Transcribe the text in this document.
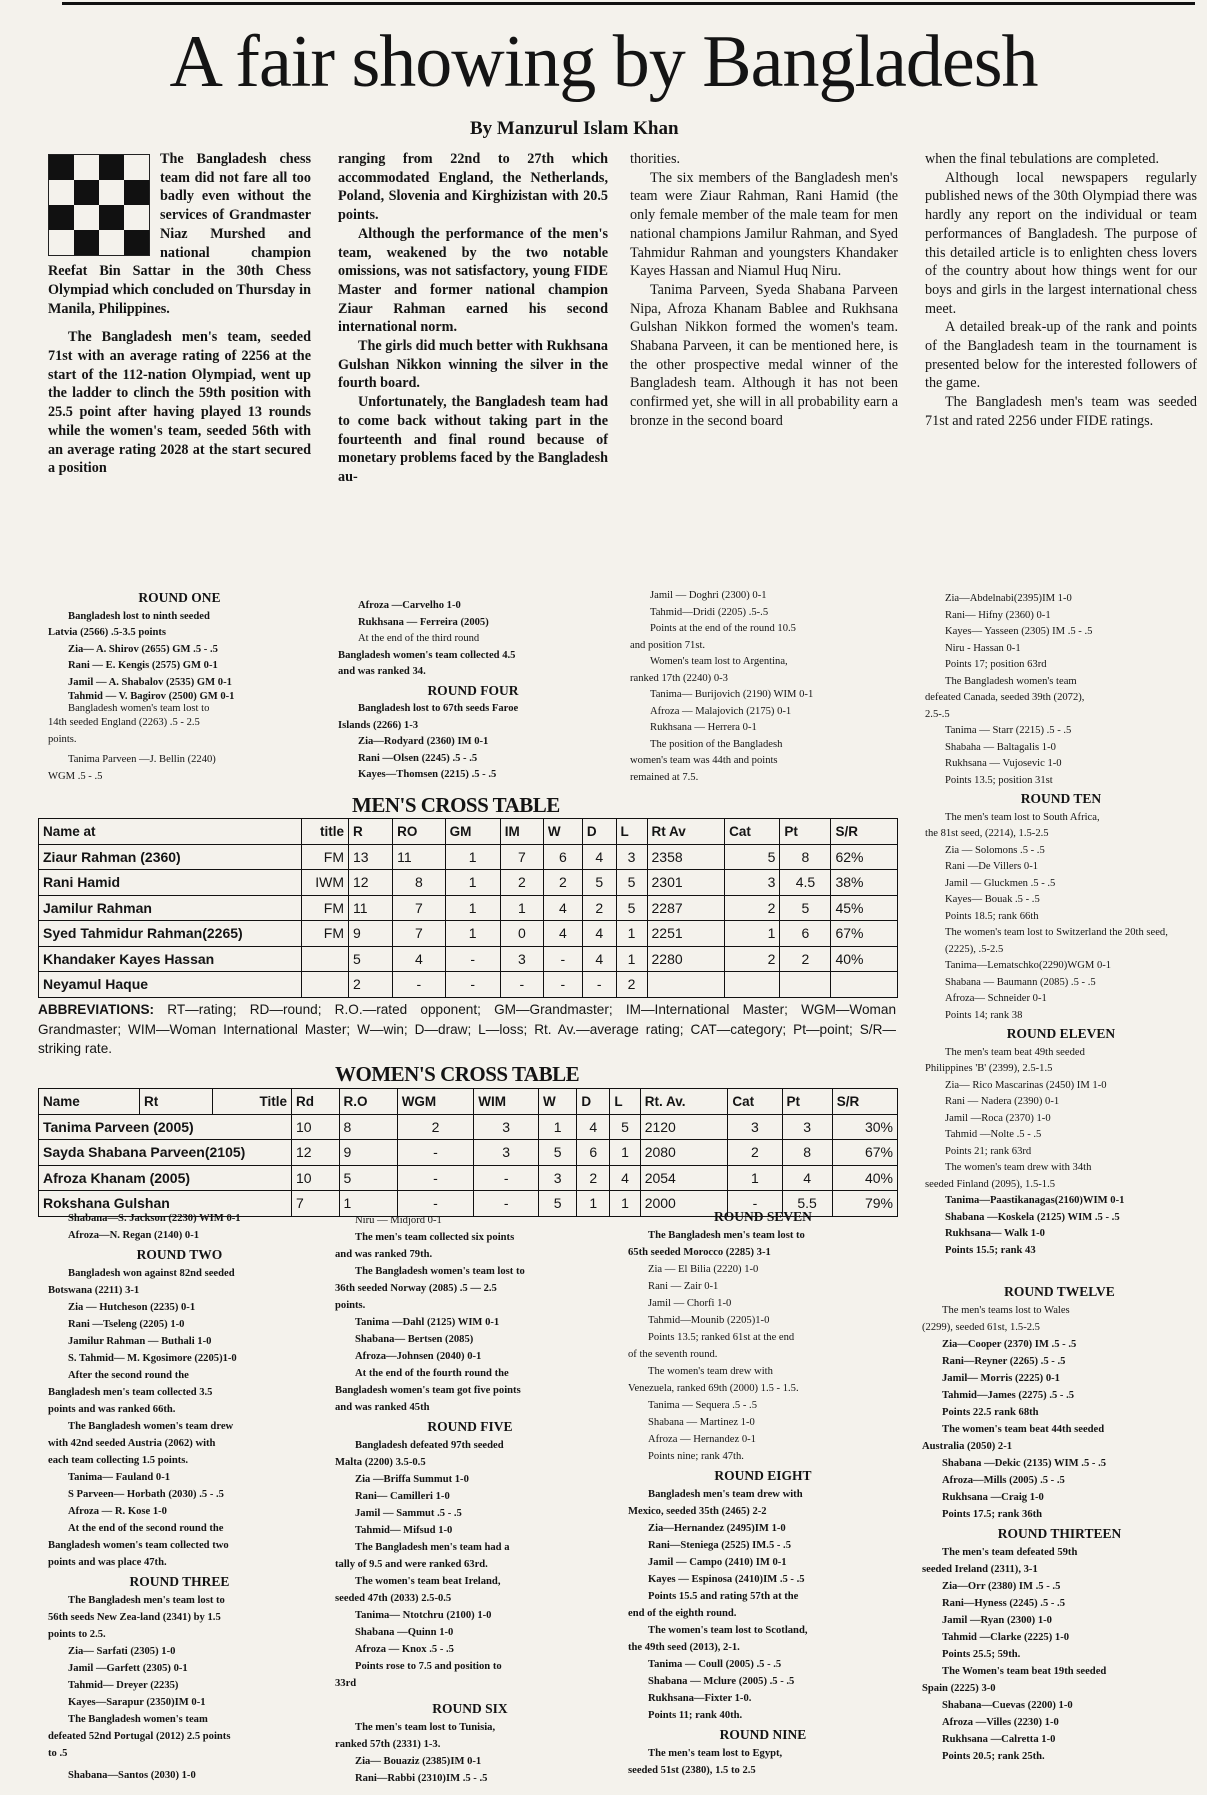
A fair showing by Bangladesh
By Manzurul Islam Khan

The Bangladesh chess team did not fare all too badly even without the services of Grandmaster Niaz Murshed and national champion Reefat Bin Sattar in the 30th Chess Olympiad which concluded on Thursday in Manila, Philippines.

The Bangladesh men's team, seeded 71st with an average rating of 2256 at the start of the 112-nation Olympiad, went up the ladder to clinch the 59th position with 25.5 point after having played 13 rounds while the women's team, seeded 56th with an average rating 2028 at the start secured a position

ROUND ONE
Bangladesh lost to ninth seeded
Latvia (2566) .5-3.5 points
Zia— A. Shirov (2655) GM .5 - .5
Rani — E. Kengis (2575) GM 0-1
Jamil — A. Shabalov (2535) GM 0-1
Tahmid — V. Bagirov (2500) GM 0-1
Bangladesh women's team lost to
14th seeded England (2263) .5 - 2.5
points.
Tanima Parveen —J. Bellin (2240)
WGM .5 - .5

ranging from 22nd to 27th which accommodated England, the Netherlands, Poland, Slovenia and Kirghizistan with 20.5 points.

Although the performance of the men's team, weakened by the two notable omissions, was not satisfactory, young FIDE Master and former national champion Ziaur Rahman earned his second international norm.

The girls did much better with Rukhsana Gulshan Nikkon winning the silver in the fourth board.

Unfortunately, the Bangladesh team had to come back without taking part in the fourteenth and final round because of monetary problems faced by the Bangladesh au-

Afroza —Carvelho 1-0
Rukhsana — Ferreira (2005)
At the end of the third round
Bangladesh women's team collected 4.5
and was ranked 34.
ROUND FOUR
Bangladesh lost to 67th seeds Faroe
Islands (2266) 1-3
Zia—Rodyard (2360) IM 0-1
Rani —Olsen (2245) .5 - .5
Kayes—Thomsen (2215) .5 - .5

thorities.

The six members of the Bangladesh men's team were Ziaur Rahman, Rani Hamid (the only female member of the male team for men national champions Jamilur Rahman, and Syed Tahmidur Rahman and youngsters Khandaker Kayes Hassan and Niamul Huq Niru.

Tanima Parveen, Syeda Shabana Parveen Nipa, Afroza Khanam Bablee and Rukhsana Gulshan Nikkon formed the women's team. Shabana Parveen, it can be mentioned here, is the other prospective medal winner of the Bangladesh team. Although it has not been confirmed yet, she will in all probability earn a bronze in the second board

Jamil — Doghri (2300) 0-1
Tahmid—Dridi (2205) .5-.5
Points at the end of the round 10.5
and position 71st.
Women's team lost to Argentina,
ranked 17th (2240) 0-3
Tanima— Burijovich (2190) WIM 0-1
Afroza — Malajovich (2175) 0-1
Rukhsana — Herrera 0-1
The position of the Bangladesh
women's team was 44th and points
remained at 7.5.

when the final tebulations are completed.

Although local newspapers regularly published news of the 30th Olympiad there was hardly any report on the individual or team performances of Bangladesh. The purpose of this detailed article is to enlighten chess lovers of the country about how things went for our boys and girls in the largest international chess meet.

A detailed break-up of the rank and points of the Bangladesh team in the tournament is presented below for the interested followers of the game.

The Bangladesh men's team was seeded 71st and rated 2256 under FIDE ratings.

Zia—Abdelnabi(2395)IM 1-0
Rani— Hifny (2360) 0-1
Kayes— Yasseen (2305) IM .5 - .5
Niru - Hassan 0-1
Points 17; position 63rd
The Bangladesh women's team
defeated Canada, seeded 39th (2072),
2.5-.5
Tanima — Starr (2215) .5 - .5
Shabaha — Baltagalis 1-0
Rukhsana — Vujosevic 1-0
Points 13.5; position 31st
ROUND TEN
The men's team lost to South Africa,
the 81st seed, (2214), 1.5-2.5
Zia — Solomons .5 - .5
Rani —De Villers 0-1
Jamil — Gluckmen .5 - .5
Kayes— Bouak .5 - .5
Points 18.5; rank 66th
The women's team lost to Switzerland the 20th seed, (2225), .5-2.5
Tanima—Lematschko(2290)WGM 0-1
Shabana — Baumann (2085) .5 - .5
Afroza— Schneider 0-1
Points 14; rank 38
ROUND ELEVEN
The men's team beat 49th seeded
Philippines 'B' (2399), 2.5-1.5
Zia— Rico Mascarinas (2450) IM 1-0
Rani — Nadera (2390) 0-1
Jamil —Roca (2370) 1-0
Tahmid —Nolte .5 - .5
Points 21; rank 63rd
The women's team drew with 34th
seeded Finland (2095), 1.5-1.5
Tanima—Paastikanagas(2160)WIM 0-1
Shabana —Koskela (2125) WIM .5 - .5
Rukhsana— Walk 1-0
Points 15.5; rank 43
MEN'S CROSS TABLE
Name at	title	R	RO	GM	IM	W	D	L	Rt Av	Cat	Pt	S/R
Ziaur Rahman (2360)	FM	13	11	1	7	6	4	3	2358	5	8	62%
Rani Hamid	IWM	12	8	1	2	2	5	5	2301	3	4.5	38%
Jamilur Rahman	FM	11	7	1	1	4	2	5	2287	2	5	45%
Syed Tahmidur Rahman(2265)	FM	9	7	1	0	4	4	1	2251	1	6	67%
Khandaker Kayes Hassan		5	4	-	3	-	4	1	2280	2	2	40%
Neyamul Haque		2	-	-	-	-	-	2				
ABBREVIATIONS: RT—rating; RD—round; R.O.—rated opponent; GM—Grandmaster; IM—International Master; WGM—Woman Grandmaster; WIM—Woman International Master; W—win; D—draw; L—loss; Rt. Av.—average rating; CAT—category; Pt—point; S/R—striking rate.
WOMEN'S CROSS TABLE
Name	Rt	Title	Rd	R.O	WGM	WIM	W	D	L	Rt. Av.	Cat	Pt	S/R
Tanima Parveen (2005)			10	8	2	3	1	4	5	2120	3	3	30%
Sayda Shabana Parveen(2105)			12	9	-	3	5	6	1	2080	2	8	67%
Afroza Khanam (2005)			10	5	-	-	3	2	4	2054	1	4	40%
Rokshana Gulshan			7	1	-	-	5	1	1	2000	-	5.5	79%
Shabana—S. Jackson (2230) WIM 0-1
Afroza—N. Regan (2140) 0-1
ROUND TWO
Bangladesh won against 82nd seeded
Botswana (2211) 3-1
Zia — Hutcheson (2235) 0-1
Rani —Tseleng (2205) 1-0
Jamilur Rahman — Buthali 1-0
S. Tahmid— M. Kgosimore (2205)1-0
After the second round the
Bangladesh men's team collected 3.5
points and was ranked 66th.
The Bangladesh women's team drew
with 42nd seeded Austria (2062) with
each team collecting 1.5 points.
Tanima— Fauland 0-1
S Parveen— Horbath (2030) .5 - .5
Afroza — R. Kose 1-0
At the end of the second round the
Bangladesh women's team collected two
points and was place 47th.
ROUND THREE
The Bangladesh men's team lost to
56th seeds New Zea-land (2341) by 1.5
points to 2.5.
Zia— Sarfati (2305) 1-0
Jamil —Garfett (2305) 0-1
Tahmid— Dreyer (2235)
Kayes—Sarapur (2350)IM 0-1
The Bangladesh women's team
defeated 52nd Portugal (2012) 2.5 points
to .5
Shabana—Santos (2030) 1-0
Niru — Midjord 0-1
The men's team collected six points
and was ranked 79th.
The Bangladesh women's team lost to
36th seeded Norway (2085) .5 — 2.5
points.
Tanima —Dahl (2125) WIM 0-1
Shabana— Bertsen (2085)
Afroza—Johnsen (2040) 0-1
At the end of the fourth round the
Bangladesh women's team got five points
and was ranked 45th
ROUND FIVE
Bangladesh defeated 97th seeded
Malta (2200) 3.5-0.5
Zia —Briffa Summut 1-0
Rani— Camilleri 1-0
Jamil — Sammut .5 - .5
Tahmid— Mifsud 1-0
The Bangladesh men's team had a
tally of 9.5 and were ranked 63rd.
The women's team beat Ireland,
seeded 47th (2033) 2.5-0.5
Tanima— Ntotchru (2100) 1-0
Shabana —Quinn 1-0
Afroza — Knox .5 - .5
Points rose to 7.5 and position to
33rd
ROUND SIX
The men's team lost to Tunisia,
ranked 57th (2331) 1-3.
Zia— Bouaziz (2385)IM 0-1
Rani—Rabbi (2310)IM .5 - .5
ROUND SEVEN
The Bangladesh men's team lost to
65th seeded Morocco (2285) 3-1
Zia — El Bilia (2220) 1-0
Rani — Zair 0-1
Jamil — Chorfi 1-0
Tahmid—Mounib (2205)1-0
Points 13.5; ranked 61st at the end
of the seventh round.
The women's team drew with
Venezuela, ranked 69th (2000) 1.5 - 1.5.
Tanima — Sequera .5 - .5
Shabana — Martinez 1-0
Afroza — Hernandez 0-1
Points nine; rank 47th.
ROUND EIGHT
Bangladesh men's team drew with
Mexico, seeded 35th (2465) 2-2
Zia—Hernandez (2495)IM 1-0
Rani—Steniega (2525) IM.5 - .5
Jamil — Campo (2410) IM 0-1
Kayes — Espinosa (2410)IM .5 - .5
Points 15.5 and rating 57th at the
end of the eighth round.
The women's team lost to Scotland,
the 49th seed (2013), 2-1.
Tanima — Coull (2005) .5 - .5
Shabana — Mclure (2005) .5 - .5
Rukhsana—Fixter 1-0.
Points 11; rank 40th.
ROUND NINE
The men's team lost to Egypt,
seeded 51st (2380), 1.5 to 2.5
ROUND TWELVE
The men's teams lost to Wales
(2299), seeded 61st, 1.5-2.5
Zia—Cooper (2370) IM .5 - .5
Rani—Reyner (2265) .5 - .5
Jamil— Morris (2225) 0-1
Tahmid—James (2275) .5 - .5
Points 22.5 rank 68th
The women's team beat 44th seeded
Australia (2050) 2-1
Shabana —Dekic (2135) WIM .5 - .5
Afroza—Mills (2005) .5 - .5
Rukhsana —Craig 1-0
Points 17.5; rank 36th
ROUND THIRTEEN
The men's team defeated 59th
seeded Ireland (2311), 3-1
Zia—Orr (2380) IM .5 - .5
Rani—Hyness (2245) .5 - .5
Jamil —Ryan (2300) 1-0
Tahmid —Clarke (2225) 1-0
Points 25.5; 59th.
The Women's team beat 19th seeded
Spain (2225) 3-0
Shabana—Cuevas (2200) 1-0
Afroza —Villes (2230) 1-0
Rukhsana —Calretta 1-0
Points 20.5; rank 25th.
